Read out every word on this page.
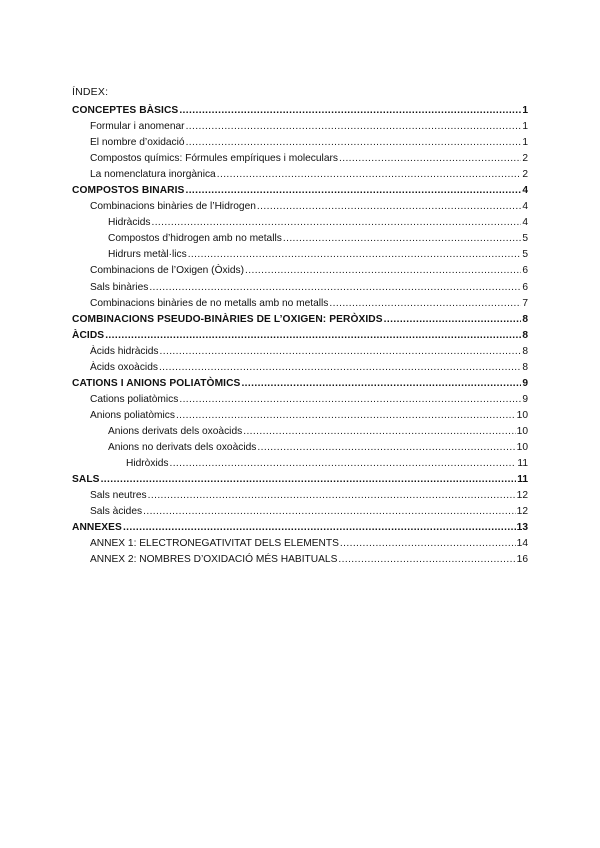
ÍNDEX:
CONCEPTES BÀSICS .....	1
Formular i anomenar .....	1
El nombre d’oxidació .....	1
Compostos químics: Fórmules empíriques i moleculars .....	2
La nomenclatura inorgànica .....	2
COMPOSTOS BINARIS .....	4
Combinacions binàries de l’Hidrogen .....	4
Hidràcids .....	4
Compostos d’hidrogen amb no metalls .....	5
Hidrurs metàl·lics .....	5
Combinacions de l’Oxigen (Òxids) .....	6
Sals binàries .....	6
Combinacions binàries de no metalls amb no metalls .....	7
COMBINACIONS PSEUDO-BINÀRIES DE L’OXIGEN: PERÒXIDS .....	8
ÀCIDS .....	8
Àcids hidràcids .....	8
Àcids oxoàcids .....	8
CATIONS I ANIONS POLIATÒMICS .....	9
Cations poliatòmics .....	9
Anions poliatòmics .....	10
Anions derivats dels oxoàcids .....	10
Anions no derivats dels oxoàcids .....	10
Hidròxids .....	11
SALS .....	11
Sals neutres .....	12
Sals àcides .....	12
ANNEXES .....	13
ANNEX 1: ELECTRONEGATIVITAT DELS ELEMENTS .....	14
ANNEX 2: NOMBRES D’OXIDACIÓ MÉS HABITUALS .....	16
